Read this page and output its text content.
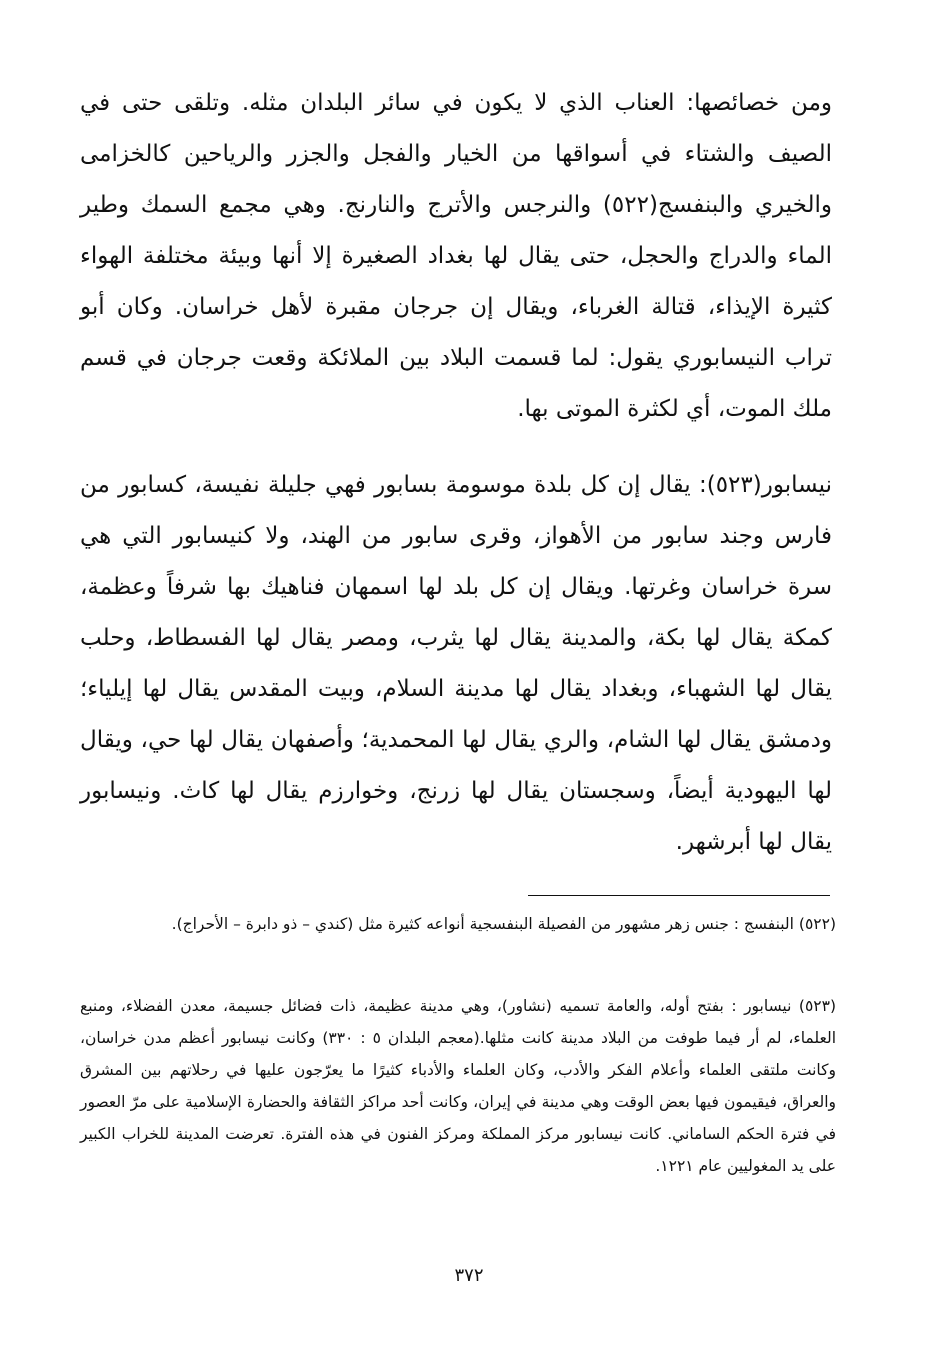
ومن خصائصها: العناب الذي لا يكون في سائر البلدان مثله. وتلقى حتى في الصيف والشتاء في أسواقها من الخيار والفجل والجزر والرياحين كالخزامى والخيري والبنفسج(٥٢٢) والنرجس والأترج والنارنج. وهي مجمع السمك وطير الماء والدراج والحجل، حتى يقال لها بغداد الصغيرة إلا أنها وبيئة مختلفة الهواء كثيرة الإيذاء، قتالة الغرباء، ويقال إن جرجان مقبرة لأهل خراسان. وكان أبو تراب النيسابوري يقول: لما قسمت البلاد بين الملائكة وقعت جرجان في قسم ملك الموت، أي لكثرة الموتى بها.

نيسابور(٥٢٣): يقال إن كل بلدة موسومة بسابور فهي جليلة نفيسة، كسابور من فارس وجند سابور من الأهواز، وقرى سابور من الهند، ولا كنيسابور التي هي سرة خراسان وغرتها. ويقال إن كل بلد لها اسمهان فناهيك بها شرفاً وعظمة، كمكة يقال لها بكة، والمدينة يقال لها يثرب، ومصر يقال لها الفسطاط، وحلب يقال لها الشهباء، وبغداد يقال لها مدينة السلام، وبيت المقدس يقال لها إيلياء؛ ودمشق يقال لها الشام، والري يقال لها المحمدية؛ وأصفهان يقال لها حي، ويقال لها اليهودية أيضاً، وسجستان يقال لها زرنج، وخوارزم يقال لها كاث. ونيسابور يقال لها أبرشهر.

(٥٢٢) البنفسج : جنس زهر مشهور من الفصيلة البنفسجية أنواعه كثيرة مثل (كندي – ذو دابرة – الأحراج).

(٥٢٣) نيسابور : بفتح أوله، والعامة تسميه (نشاور)، وهي مدينة عظيمة، ذات فضائل جسيمة، معدن الفضلاء، ومنبع العلماء، لم أر فيما طوفت من البلاد مدينة كانت مثلها.(معجم البلدان ٥ : ٣٣٠) وكانت نيسابور أعظم مدن خراسان، وكانت ملتقى العلماء وأعلام الفكر والأدب، وكان العلماء والأدباء كثيرًا ما يعرّجون عليها في رحلاتهم بين المشرق والعراق، فيقيمون فيها بعض الوقت وهي مدينة في إيران، وكانت أحد مراكز الثقافة والحضارة الإسلامية على مرّ العصور في فترة الحكم الساماني. كانت نيسابور مركز المملكة ومركز الفنون في هذه الفترة. تعرضت المدينة للخراب الكبير على يد المغوليين عام ١٢٢١.

٣٧٢
